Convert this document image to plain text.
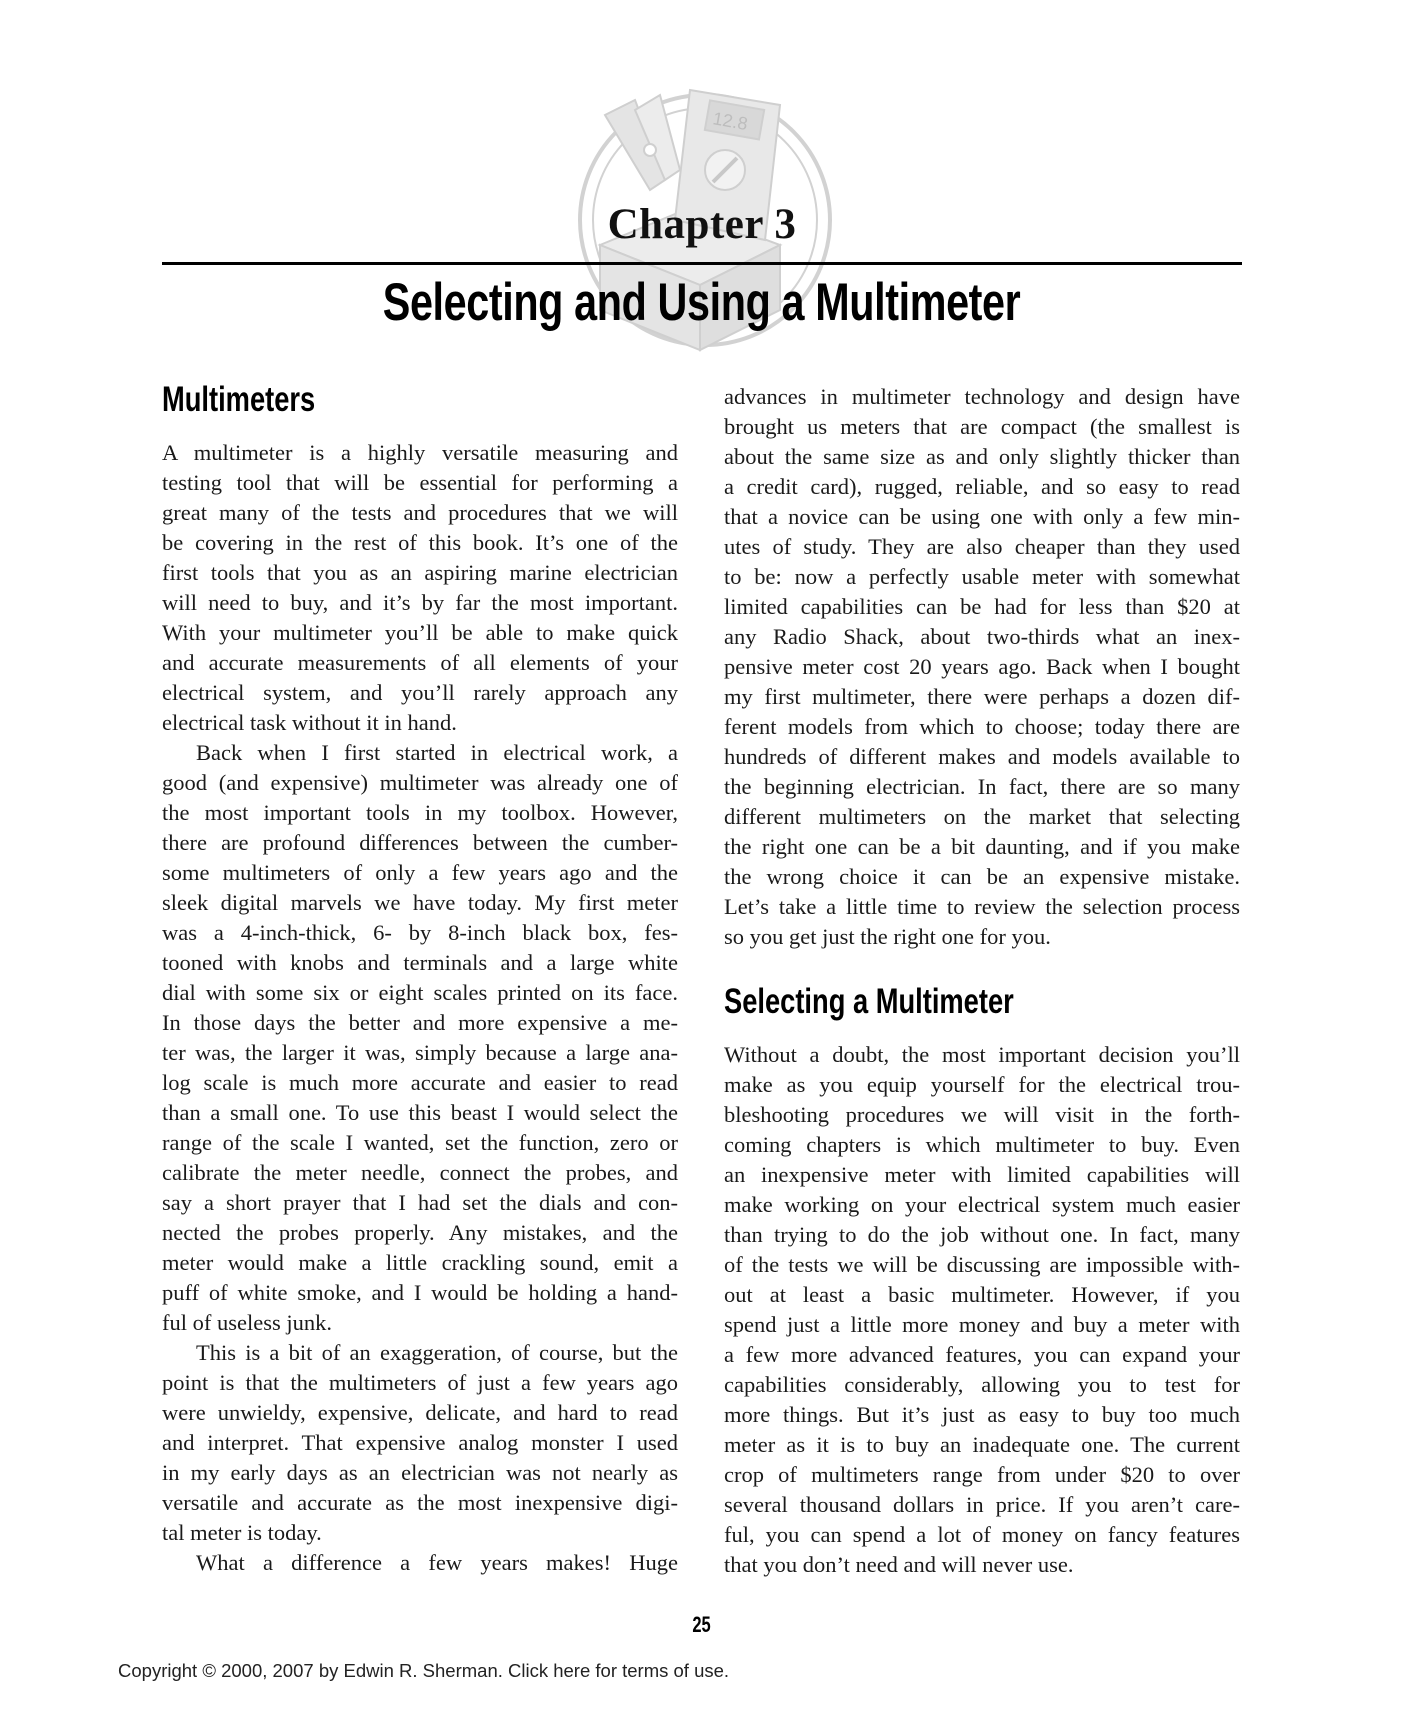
12.8
Chapter 3
Selecting and Using a Multimeter
Multimeters
A multimeter is a highly versatile measuring and
testing tool that will be essential for performing a
great many of the tests and procedures that we will
be covering in the rest of this book. It’s one of the
first tools that you as an aspiring marine electrician
will need to buy, and it’s by far the most important.
With your multimeter you’ll be able to make quick
and accurate measurements of all elements of your
electrical system, and you’ll rarely approach any
electrical task without it in hand.
Back when I first started in electrical work, a
good (and expensive) multimeter was already one of
the most important tools in my toolbox. However,
there are profound differences between the cumber-
some multimeters of only a few years ago and the
sleek digital marvels we have today. My first meter
was a 4-inch-thick, 6- by 8-inch black box, fes-
tooned with knobs and terminals and a large white
dial with some six or eight scales printed on its face.
In those days the better and more expensive a me-
ter was, the larger it was, simply because a large ana-
log scale is much more accurate and easier to read
than a small one. To use this beast I would select the
range of the scale I wanted, set the function, zero or
calibrate the meter needle, connect the probes, and
say a short prayer that I had set the dials and con-
nected the probes properly. Any mistakes, and the
meter would make a little crackling sound, emit a
puff of white smoke, and I would be holding a hand-
ful of useless junk.
This is a bit of an exaggeration, of course, but the
point is that the multimeters of just a few years ago
were unwieldy, expensive, delicate, and hard to read
and interpret. That expensive analog monster I used
in my early days as an electrician was not nearly as
versatile and accurate as the most inexpensive digi-
tal meter is today.
What a difference a few years makes! Huge
advances in multimeter technology and design have
brought us meters that are compact (the smallest is
about the same size as and only slightly thicker than
a credit card), rugged, reliable, and so easy to read
that a novice can be using one with only a few min-
utes of study. They are also cheaper than they used
to be: now a perfectly usable meter with somewhat
limited capabilities can be had for less than $20 at
any Radio Shack, about two-thirds what an inex-
pensive meter cost 20 years ago. Back when I bought
my first multimeter, there were perhaps a dozen dif-
ferent models from which to choose; today there are
hundreds of different makes and models available to
the beginning electrician. In fact, there are so many
different multimeters on the market that selecting
the right one can be a bit daunting, and if you make
the wrong choice it can be an expensive mistake.
Let’s take a little time to review the selection process
so you get just the right one for you.
Selecting a Multimeter
Without a doubt, the most important decision you’ll
make as you equip yourself for the electrical trou-
bleshooting procedures we will visit in the forth-
coming chapters is which multimeter to buy. Even
an inexpensive meter with limited capabilities will
make working on your electrical system much easier
than trying to do the job without one. In fact, many
of the tests we will be discussing are impossible with-
out at least a basic multimeter. However, if you
spend just a little more money and buy a meter with
a few more advanced features, you can expand your
capabilities considerably, allowing you to test for
more things. But it’s just as easy to buy too much
meter as it is to buy an inadequate one. The current
crop of multimeters range from under $20 to over
several thousand dollars in price. If you aren’t care-
ful, you can spend a lot of money on fancy features
that you don’t need and will never use.
25
Copyright © 2000, 2007 by Edwin R. Sherman. Click here for terms of use.
